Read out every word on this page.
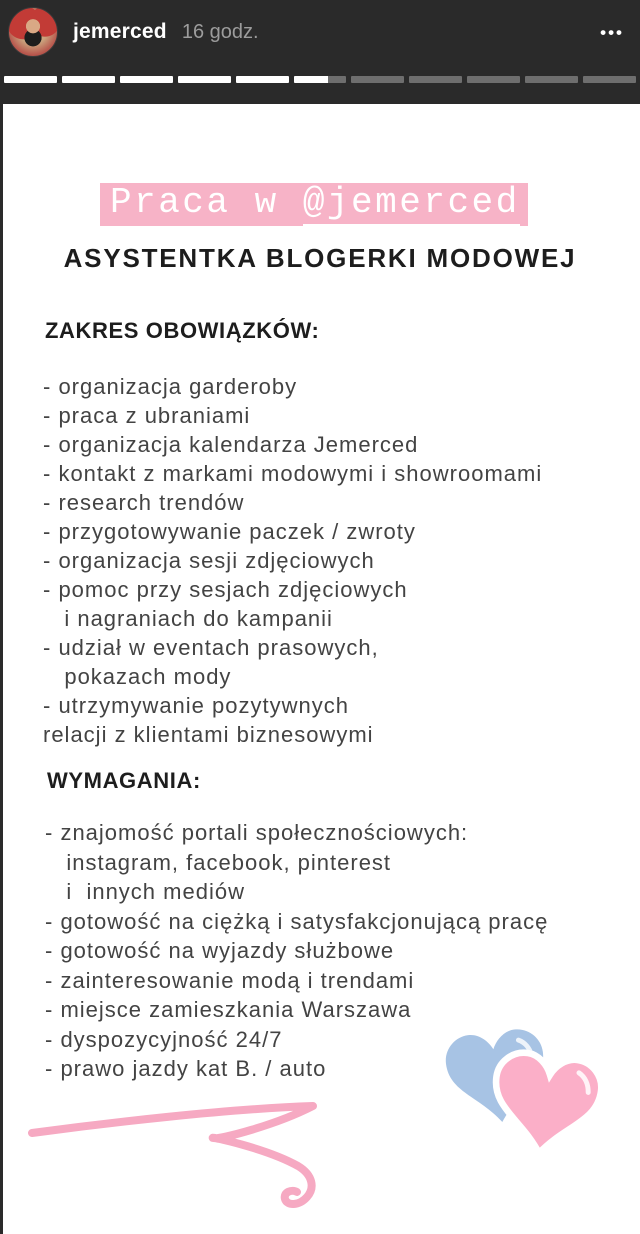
jemerced 16 godz.	•••
Praca w @jemerced
ASYSTENTKA BLOGERKI MODOWEJ
ZAKRES OBOWIĄZKÓW:
- organizacja garderoby
- praca z ubraniami
- organizacja kalendarza Jemerced
- kontakt z markami modowymi i showroomami
- research trendów
- przygotowywanie paczek / zwroty
- organizacja sesji zdjęciowych
- pomoc przy sesjach zdjęciowych
i nagraniach do kampanii
- udział w eventach prasowych,
pokazach mody
- utrzymywanie pozytywnych
relacji z klientami biznesowymi
WYMAGANIA:
- znajomość portali społecznościowych:
instagram, facebook, pinterest
i  innych mediów
- gotowość na ciężką i satysfakcjonującą pracę
- gotowość na wyjazdy służbowe
- zainteresowanie modą i trendami
- miejsce zamieszkania Warszawa
- dyspozycyjność 24/7
- prawo jazdy kat B. / auto
